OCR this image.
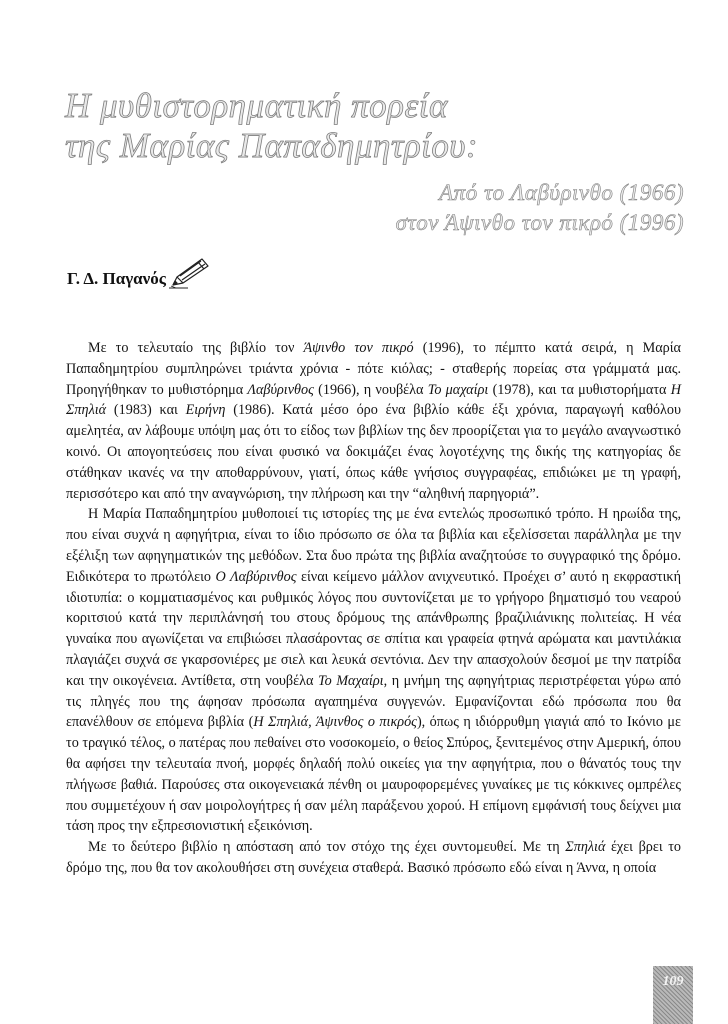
Η μυθιστορηματική πορεία
της Μαρίας Παπαδημητρίου:
Από το Λαβύρινθο (1966)
στον Άψινθο τον πικρό (1996)
Γ. Δ. Παγανός

Με το τελευταίο της βιβλίο τον Άψινθο τον πικρό (1996), το πέμπτο κατά σειρά, η Μαρία Παπαδημητρίου συμπληρώνει τριάντα χρόνια - πότε κιόλας; - σταθερής πορείας στα γράμματά μας. Προηγήθηκαν το μυθιστόρημα Λαβύρινθος (1966), η νουβέλα Το μαχαίρι (1978), και τα μυθιστορήματα Η Σπηλιά (1983) και Ειρήνη (1986). Κατά μέσο όρο ένα βιβλίο κάθε έξι χρόνια, παραγωγή καθόλου αμελητέα, αν λάβουμε υπόψη μας ότι το είδος των βιβλίων της δεν προορίζεται για το μεγάλο αναγνωστικό κοινό. Οι απογοητεύσεις που είναι φυσικό να δοκιμάζει ένας λογοτέχνης της δικής της κατηγορίας δε στάθηκαν ικανές να την αποθαρρύνουν, γιατί, όπως κάθε γνήσιος συγγραφέας, επιδιώκει με τη γραφή, περισσότερο και από την αναγνώριση, την πλήρωση και την “αληθινή παρηγοριά”.

Η Μαρία Παπαδημητρίου μυθοποιεί τις ιστορίες της με ένα εντελώς προσωπικό τρόπο. Η ηρωίδα της, που είναι συχνά η αφηγήτρια, είναι το ίδιο πρόσωπο σε όλα τα βιβλία και εξελίσσεται παράλληλα με την εξέλιξη των αφηγηματικών της μεθόδων. Στα δυο πρώτα της βιβλία αναζητούσε το συγγραφικό της δρόμο. Ειδικότερα το πρωτόλειο Ο Λαβύρινθος είναι κείμενο μάλλον ανιχνευτικό. Προέχει σ’ αυτό η εκφραστική ιδιοτυπία: ο κομματιασμένος και ρυθμικός λόγος που συντονίζεται με το γρήγορο βηματισμό του νεαρού κοριτσιού κατά την περιπλάνησή του στους δρόμους της απάνθρωπης βραζιλιάνικης πολιτείας. Η νέα γυναίκα που αγωνίζεται να επιβιώσει πλασάροντας σε σπίτια και γραφεία φτηνά αρώματα και μαντιλάκια πλαγιάζει συχνά σε γκαρσονιέρες με σιελ και λευκά σεντόνια. Δεν την απασχολούν δεσμοί με την πατρίδα και την οικογένεια. Αντίθετα, στη νουβέλα Το Μαχαίρι, η μνήμη της αφηγήτριας περιστρέφεται γύρω από τις πληγές που της άφησαν πρόσωπα αγαπημένα συγγενών. Εμφανίζονται εδώ πρόσωπα που θα επανέλθουν σε επόμενα βιβλία (Η Σπηλιά, Άψινθος ο πικρός), όπως η ιδιόρρυθμη γιαγιά από το Ικόνιο με το τραγικό τέλος, ο πατέρας που πεθαίνει στο νοσοκομείο, ο θείος Σπύρος, ξενιτεμένος στην Αμερική, όπου θα αφήσει την τελευταία πνοή, μορφές δηλαδή πολύ οικείες για την αφηγήτρια, που ο θάνατός τους την πλήγωσε βαθιά. Παρούσες στα οικογενειακά πένθη οι μαυροφορεμένες γυναίκες με τις κόκκινες ομπρέλες που συμμετέχουν ή σαν μοιρολογήτρες ή σαν μέλη παράξενου χορού. Η επίμονη εμφάνισή τους δείχνει μια τάση προς την εξπρεσιονιστική εξεικόνιση.

Με το δεύτερο βιβλίο η απόσταση από τον στόχο της έχει συντομευθεί. Με τη Σπηλιά έχει βρει το δρόμο της, που θα τον ακολουθήσει στη συνέχεια σταθερά. Βασικό πρόσωπο εδώ είναι η Άννα, η οποία

109
